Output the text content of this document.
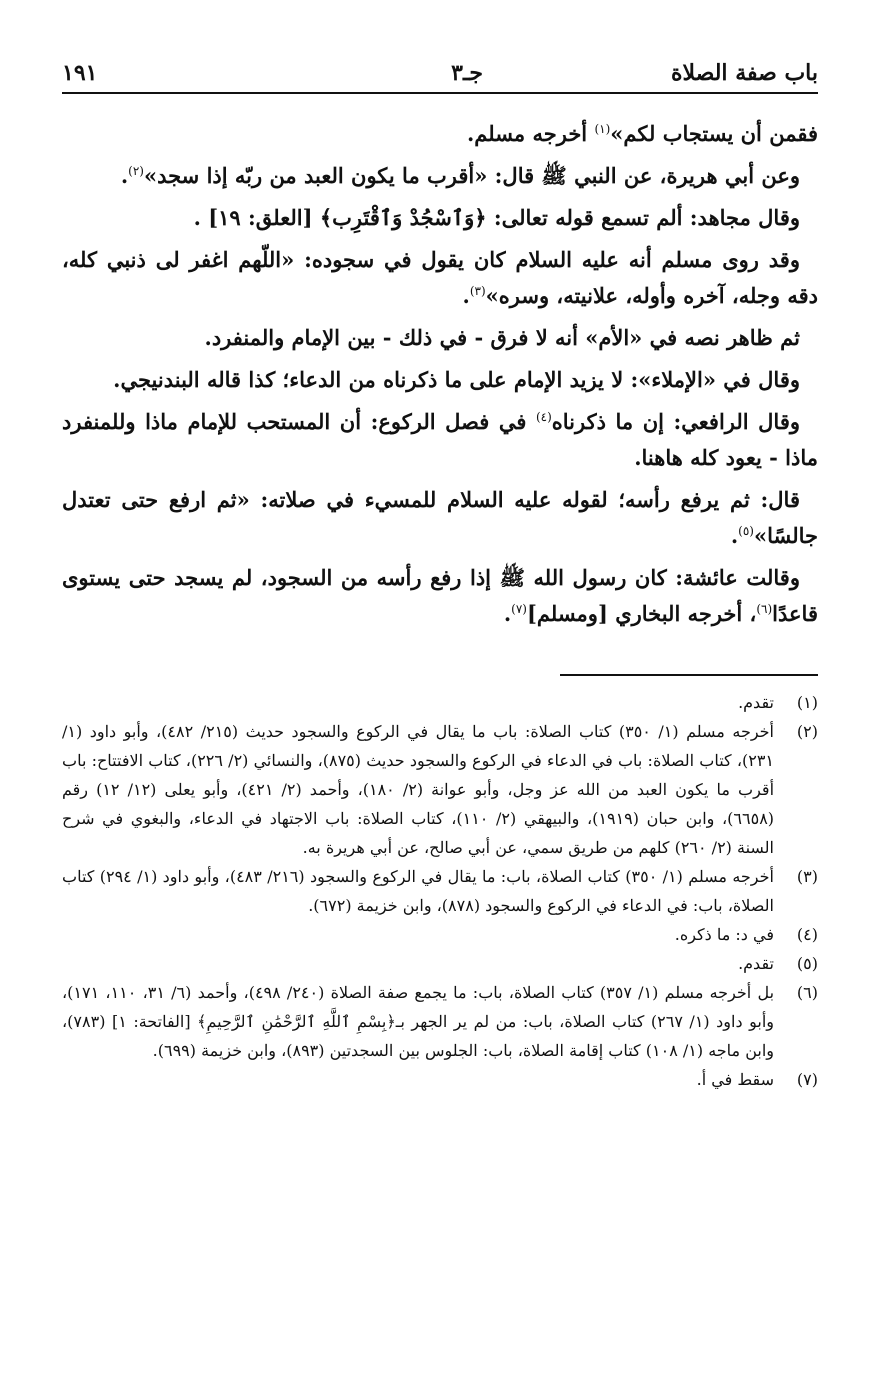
باب صفة الصلاة
جـ٣
١٩١

فقمن أن يستجاب لكم»$^{(١)}$ أخرجه مسلم.

وعن أبي هريرة، عن النبي ﷺ قال: «أقرب ما يكون العبد من ربّه إذا سجد»$^{(٢)}$.

وقال مجاهد: ألم تسمع قوله تعالى: ﴿وَٱسْجُدْ وَٱقْتَرِب﴾ [العلق: ١٩] .

وقد روى مسلم أنه عليه السلام كان يقول في سجوده: «اللّهم اغفر لى ذنبي كله، دقه وجله، آخره وأوله، علانيته، وسره»$^{(٣)}$.

ثم ظاهر نصه في «الأم» أنه لا فرق - في ذلك - بين الإمام والمنفرد.

وقال في «الإملاء»: لا يزيد الإمام على ما ذكرناه من الدعاء؛ كذا قاله البندنيجي.

وقال الرافعي: إن ما ذكرناه$^{(٤)}$ في فصل الركوع: أن المستحب للإمام ماذا وللمنفرد ماذا - يعود كله هاهنا.

قال: ثم يرفع رأسه؛ لقوله عليه السلام للمسيء في صلاته: «ثم ارفع حتى تعتدل جالسًا»$^{(٥)}$.

وقالت عائشة: كان رسول الله ﷺ إذا رفع رأسه من السجود، لم يسجد حتى يستوى قاعدًا$^{(٦)}$، أخرجه البخاري [ومسلم]$^{(٧)}$.

(١)
تقدم.
(٢)
أخرجه مسلم (١/ ٣٥٠) كتاب الصلاة: باب ما يقال في الركوع والسجود حديث (٢١٥/ ٤٨٢)، وأبو داود (١/ ٢٣١)، كتاب الصلاة: باب في الدعاء في الركوع والسجود حديث (٨٧٥)، والنسائي (٢/ ٢٢٦)، كتاب الافتتاح: باب أقرب ما يكون العبد من الله عز وجل، وأبو عوانة (٢/ ١٨٠)، وأحمد (٢/ ٤٢١)، وأبو يعلى (١٢/ ١٢) رقم (٦٦٥٨)، وابن حبان (١٩١٩)، والبيهقي (٢/ ١١٠)، كتاب الصلاة: باب الاجتهاد في الدعاء، والبغوي في شرح السنة (٢/ ٢٦٠) كلهم من طريق سمي، عن أبي صالح، عن أبي هريرة به.
(٣)
أخرجه مسلم (١/ ٣٥٠) كتاب الصلاة، باب: ما يقال في الركوع والسجود (٢١٦/ ٤٨٣)، وأبو داود (١/ ٢٩٤) كتاب الصلاة، باب: في الدعاء في الركوع والسجود (٨٧٨)، وابن خزيمة (٦٧٢).
(٤)
في د: ما ذكره.
(٥)
تقدم.
(٦)
بل أخرجه مسلم (١/ ٣٥٧) كتاب الصلاة، باب: ما يجمع صفة الصلاة (٢٤٠/ ٤٩٨)، وأحمد (٦/ ٣١، ١١٠، ١٧١)، وأبو داود (١/ ٢٦٧) كتاب الصلاة، باب: من لم ير الجهر بـ﴿بِسْمِ ٱللَّهِ ٱلرَّحْمَٰنِ ٱلرَّحِيمِ﴾ [الفاتحة: ١] (٧٨٣)، وابن ماجه (١/ ١٠٨) كتاب إقامة الصلاة، باب: الجلوس بين السجدتين (٨٩٣)، وابن خزيمة (٦٩٩).
(٧)
سقط في أ.
